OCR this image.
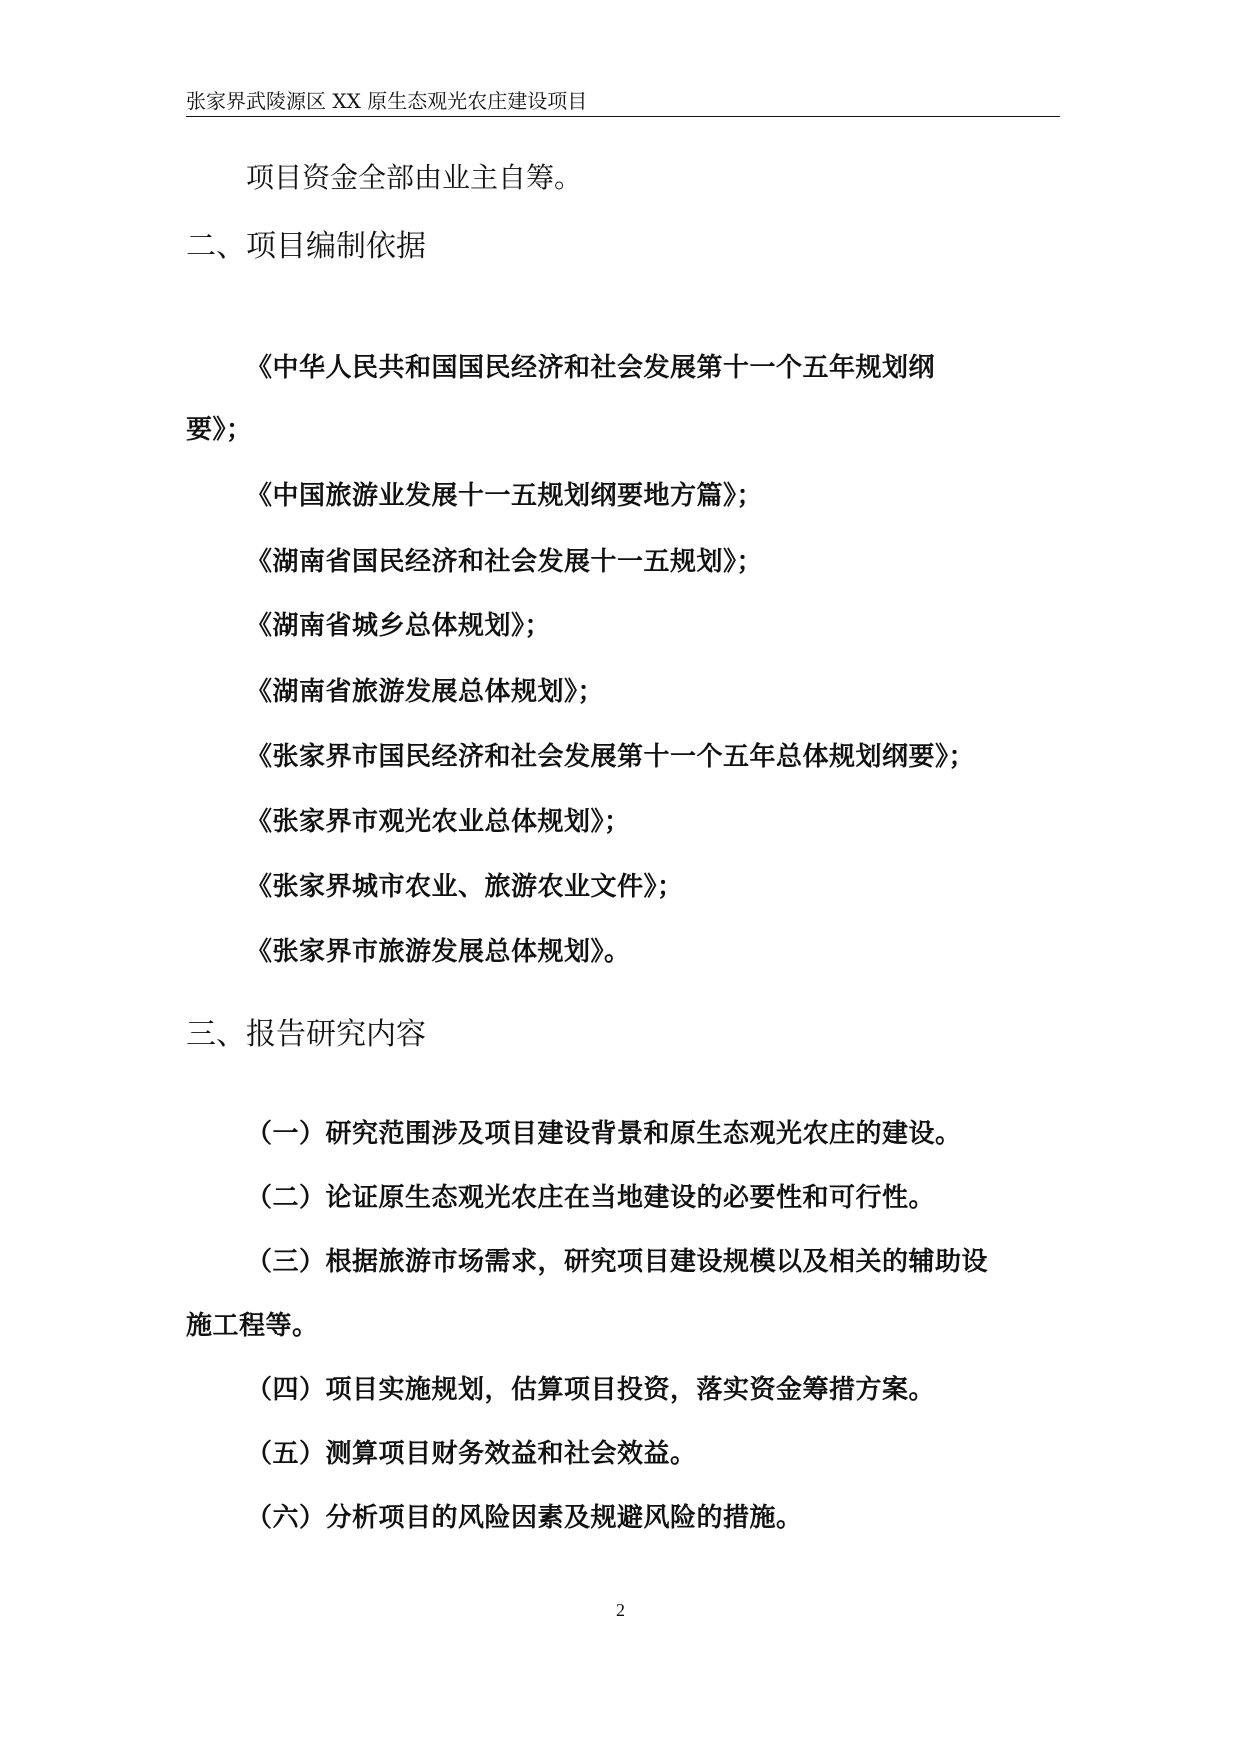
张家界武陵源区 XX 原生态观光农庄建设项目
项目资金全部由业主自筹。
二、项目编制依据
《中华人民共和国国民经济和社会发展第十一个五年规划纲
要》；
《中国旅游业发展十一五规划纲要地方篇》；
《湖南省国民经济和社会发展十一五规划》；
《湖南省城乡总体规划》；
《湖南省旅游发展总体规划》；
《张家界市国民经济和社会发展第十一个五年总体规划纲要》；
《张家界市观光农业总体规划》；
《张家界城市农业、旅游农业文件》；
《张家界市旅游发展总体规划》。
三、报告研究内容
（一）研究范围涉及项目建设背景和原生态观光农庄的建设。
（二）论证原生态观光农庄在当地建设的必要性和可行性。
（三）根据旅游市场需求，研究项目建设规模以及相关的辅助设
施工程等。
（四）项目实施规划，估算项目投资，落实资金筹措方案。
（五）测算项目财务效益和社会效益。
（六）分析项目的风险因素及规避风险的措施。
2
